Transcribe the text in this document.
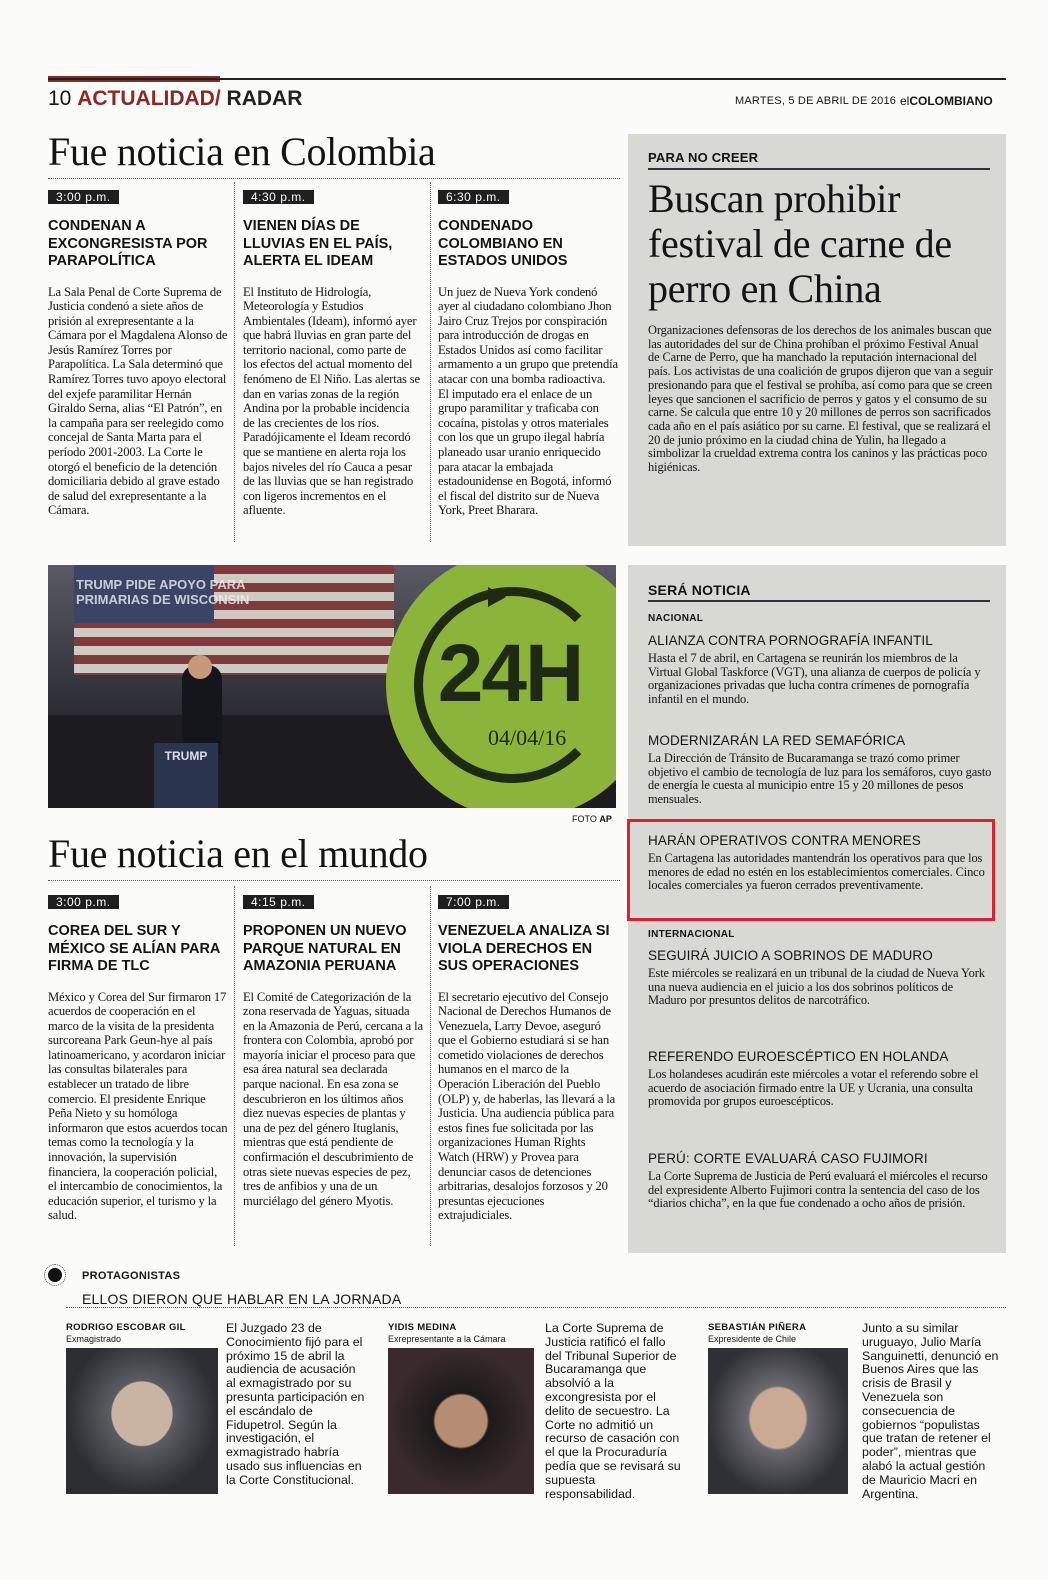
10 ACTUALIDAD/ RADAR	MARTES, 5 DE ABRIL DE 2016 elCOLOMBIANO
Fue noticia en Colombia
3:00 p.m.
CONDENAN A EXCONGRESISTA POR PARAPOLÍTICA
La Sala Penal de Corte Suprema de Justicia condenó a siete años de prisión al exrepresentante a la Cámara por el Magdalena Alonso de Jesús Ramírez Torres por Parapolítica. La Sala determinó que Ramírez Torres tuvo apoyo electoral del exjefe paramilitar Hernán Giraldo Serna, alias “El Patrón”, en la campaña para ser reelegido como concejal de Santa Marta para el período 2001-2003. La Corte le otorgó el beneficio de la detención domiciliaria debido al grave estado de salud del exrepresentante a la Cámara.
4:30 p.m.
VIENEN DÍAS DE LLUVIAS EN EL PAÍS, ALERTA EL IDEAM
El Instituto de Hidrología, Meteorología y Estudios Ambientales (Ideam), informó ayer que habrá lluvias en gran parte del territorio nacional, como parte de los efectos del actual momento del fenómeno de El Niño. Las alertas se dan en varias zonas de la región Andina por la probable incidencia de las crecientes de los ríos. Paradójicamente el Ideam recordó que se mantiene en alerta roja los bajos niveles del río Cauca a pesar de las lluvias que se han registrado con ligeros incrementos en el afluente.
6:30 p.m.
CONDENADO COLOMBIANO EN ESTADOS UNIDOS
Un juez de Nueva York condenó ayer al ciudadano colombiano Jhon Jairo Cruz Trejos por conspiración para introducción de drogas en Estados Unidos así como facilitar armamento a un grupo que pretendía atacar con una bomba radioactiva. El imputado era el enlace de un grupo paramilitar y traficaba con cocaína, pistolas y otros materiales con los que un grupo ilegal habría planeado usar uranio enriquecido para atacar la embajada estadounidense en Bogotá, informó el fiscal del distrito sur de Nueva York, Preet Bharara.
PARA NO CREER
Buscan prohibir festival de carne de perro en China
Organizaciones defensoras de los derechos de los animales buscan que las autoridades del sur de China prohíban el próximo Festival Anual de Carne de Perro, que ha manchado la reputación internacional del país. Los activistas de una coalición de grupos dijeron que van a seguir presionando para que el festival se prohíba, así como para que se creen leyes que sancionen el sacrificio de perros y gatos y el consumo de su carne. Se calcula que entre 10 y 20 millones de perros son sacrificados cada año en el país asiático por su carne. El festival, que se realizará el 20 de junio próximo en la ciudad china de Yulin, ha llegado a simbolizar la crueldad extrema contra los caninos y las prácticas poco higiénicas.
TRUMP
TRUMP PIDE APOYO PARA PRIMARIAS DE WISCONSIN
24H
04/04/16
FOTO AP
SERÁ NOTICIA
NACIONAL
ALIANZA CONTRA PORNOGRAFÍA INFANTIL
Hasta el 7 de abril, en Cartagena se reunirán los miembros de la Virtual Global Taskforce (VGT), una alianza de cuerpos de policía y organizaciones privadas que lucha contra crímenes de pornografía infantil en el mundo.
MODERNIZARÁN LA RED SEMAFÓRICA
La Dirección de Tránsito de Bucaramanga se trazó como primer objetivo el cambio de tecnología de luz para los semáforos, cuyo gasto de energía le cuesta al municipio entre 15 y 20 millones de pesos mensuales.
HARÁN OPERATIVOS CONTRA MENORES
En Cartagena las autoridades mantendrán los operativos para que los menores de edad no estén en los establecimientos comerciales. Cinco locales comerciales ya fueron cerrados preventivamente.
INTERNACIONAL
SEGUIRÁ JUICIO A SOBRINOS DE MADURO
Este miércoles se realizará en un tribunal de la ciudad de Nueva York una nueva audiencia en el juicio a los dos sobrinos políticos de Maduro por presuntos delitos de narcotráfico.
REFERENDO EUROESCÉPTICO EN HOLANDA
Los holandeses acudirán este miércoles a votar el referendo sobre el acuerdo de asociación firmado entre la UE y Ucrania, una consulta promovida por grupos euroescépticos.
PERÚ: CORTE EVALUARÁ CASO FUJIMORI
La Corte Suprema de Justicia de Perú evaluará el miércoles el recurso del expresidente Alberto Fujimori contra la sentencia del caso de los “diarios chicha”, en la que fue condenado a ocho años de prisión.
Fue noticia en el mundo
3:00 p.m.
COREA DEL SUR Y MÉXICO SE ALÍAN PARA FIRMA DE TLC
México y Corea del Sur firmaron 17 acuerdos de cooperación en el marco de la visita de la presidenta surcoreana Park Geun-hye al país latinoamericano, y acordaron iniciar las consultas bilaterales para establecer un tratado de libre comercio. El presidente Enrique Peña Nieto y su homóloga informaron que estos acuerdos tocan temas como la tecnología y la innovación, la supervisión financiera, la cooperación policial, el intercambio de conocimientos, la educación superior, el turismo y la salud.
4:15 p.m.
PROPONEN UN NUEVO PARQUE NATURAL EN AMAZONIA PERUANA
El Comité de Categorización de la zona reservada de Yaguas, situada en la Amazonia de Perú, cercana a la frontera con Colombia, aprobó por mayoría iniciar el proceso para que esa área natural sea declarada parque nacional. En esa zona se descubrieron en los últimos años diez nuevas especies de plantas y una de pez del género Ituglanis, mientras que está pendiente de confirmación el descubrimiento de otras siete nuevas especies de pez, tres de anfibios y una de un murciélago del género Myotis.
7:00 p.m.
VENEZUELA ANALIZA SI VIOLA DERECHOS EN SUS OPERACIONES
El secretario ejecutivo del Consejo Nacional de Derechos Humanos de Venezuela, Larry Devoe, aseguró que el Gobierno estudiará si se han cometido violaciones de derechos humanos en el marco de la Operación Liberación del Pueblo (OLP) y, de haberlas, las llevará a la Justicia. Una audiencia pública para estos fines fue solicitada por las organizaciones Human Rights Watch (HRW) y Provea para denunciar casos de detenciones arbitrarias, desalojos forzosos y 20 presuntas ejecuciones extrajudiciales.
PROTAGONISTAS
ELLOS DIERON QUE HABLAR EN LA JORNADA
RODRIGO ESCOBAR GIL
Exmagistrado
El Juzgado 23 de Conocimiento fijó para el próximo 15 de abril la audiencia de acusación al exmagistrado por su presunta participación en el escándalo de Fidupetrol. Según la investigación, el exmagistrado habría usado sus influencias en la Corte Constitucional.
YIDIS MEDINA
Exrepresentante a la Cámara
La Corte Suprema de Justicia ratificó el fallo del Tribunal Superior de Bucaramanga que absolvió a la excongresista por el delito de secuestro. La Corte no admitió un recurso de casación con el que la Procuraduría pedía que se revisará su supuesta responsabilidad.
SEBASTIÁN PIÑERA
Expresidente de Chile
Junto a su similar uruguayo, Julio María Sanguinetti, denunció en Buenos Aires que las crisis de Brasil y Venezuela son consecuencia de gobiernos “populistas que tratan de retener el poder”, mientras que alabó la actual gestión de Mauricio Macri en Argentina.
